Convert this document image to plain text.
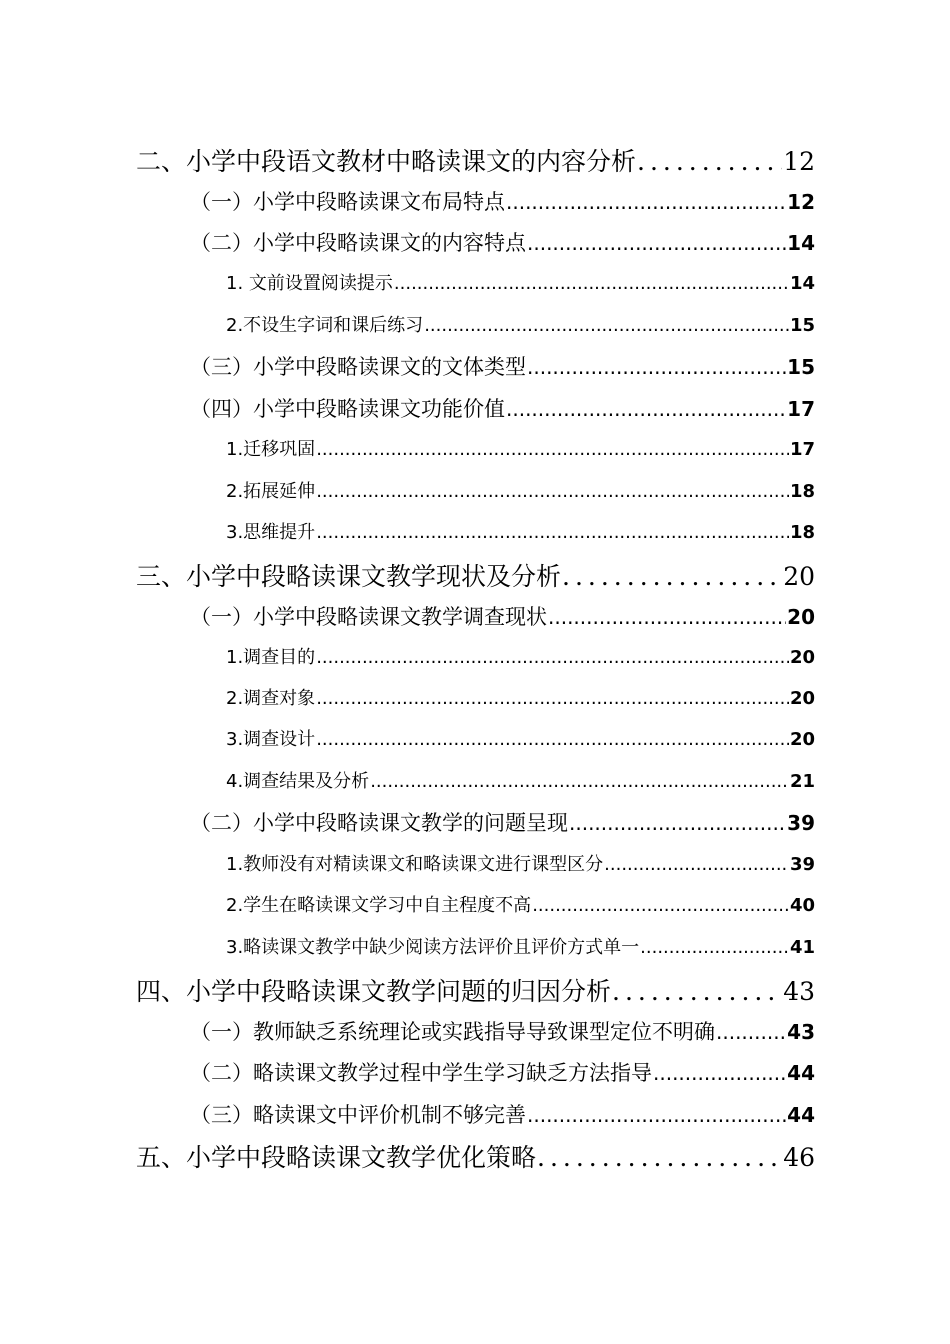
二、小学中段语文教材中略读课文的内容分析 .....	12
（一）小学中段略读课文布局特点 .....	12
（二）小学中段略读课文的内容特点 .....	14
1. 文前设置阅读提示 .....	14
2.不设生字词和课后练习 .....	15
（三）小学中段略读课文的文体类型 .....	15
（四）小学中段略读课文功能价值 .....	17
1.迁移巩固 .....	17
2.拓展延伸 .....	18
3.思维提升 .....	18
三、小学中段略读课文教学现状及分析 .....	20
（一）小学中段略读课文教学调查现状 .....	20
1.调查目的 .....	20
2.调查对象 .....	20
3.调查设计 .....	20
4.调查结果及分析 .....	21
（二）小学中段略读课文教学的问题呈现 .....	39
1.教师没有对精读课文和略读课文进行课型区分 .....	39
2.学生在略读课文学习中自主程度不高 .....	40
3.略读课文教学中缺少阅读方法评价且评价方式单一 .....	41
四、小学中段略读课文教学问题的归因分析 .....	43
（一）教师缺乏系统理论或实践指导导致课型定位不明确 .....	43
（二）略读课文教学过程中学生学习缺乏方法指导 .....	44
（三）略读课文中评价机制不够完善 .....	44
五、小学中段略读课文教学优化策略 .....	46
